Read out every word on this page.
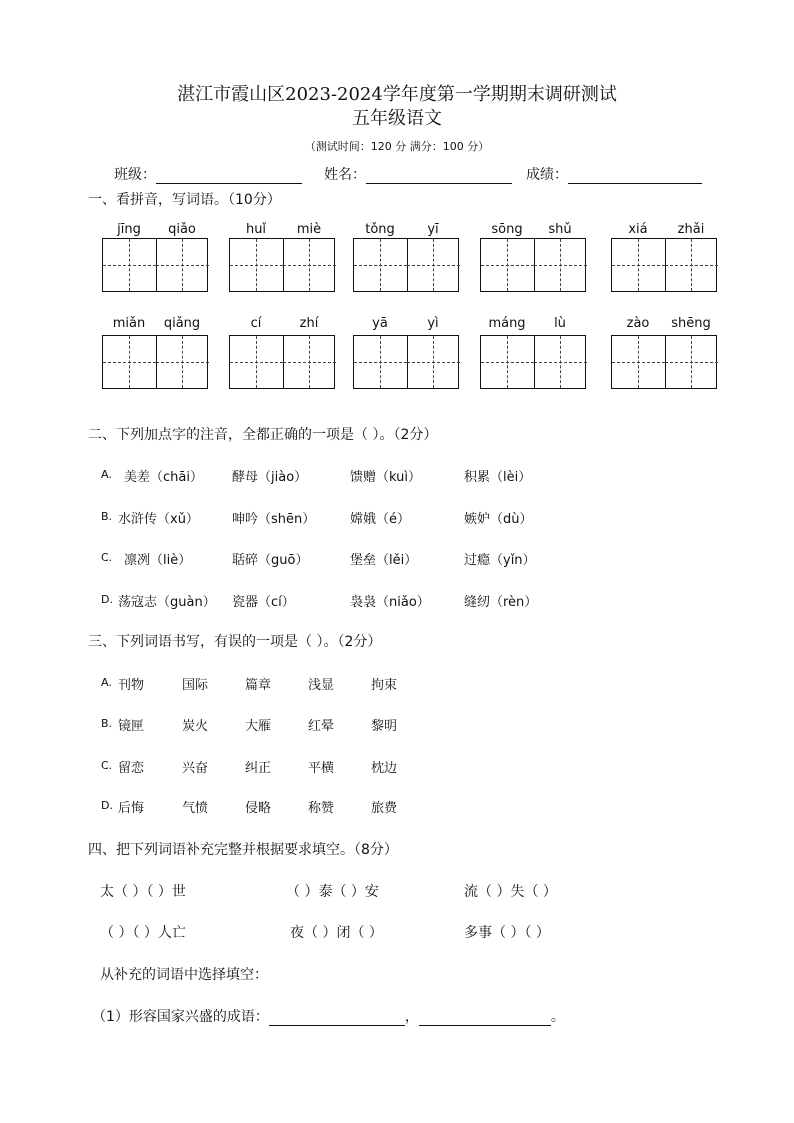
湛江市霞山区2023-2024学年度第一学期期末调研测试
五年级语文
（测试时间：120 分 满分：100 分）
班级：	姓名：	成绩：
一、看拼音，写词语。（10分）
jīng	qiǎo	huǐ	miè	tǒng	yī	sōng	shǔ	xiá	zhǎi
miǎn	qiǎng	cí	zhí	yā	yì	máng	lù	zào	shēng
二、下列加点字的注音，全都正确的一项是（ ）。（2分）
A. 美差（chāi） 酵母（jiào）	馈赠（kuì）	积累（lèi）
B. 水浒传（xǔ）	呻吟（shēn）	嫦娥（é）	嫉妒（dù）
C. 凛冽（liè）	聒碎（guō）	堡垒（lěi）	过瘾（yǐn）
D. 荡寇志（guàn） 瓷器（cí）	袅袅（niǎo）	缝纫（rèn）
三、下列词语书写，有误的一项是（ ）。（2分）
A. 刊物	国际	篇章	浅显	拘束
B. 镜匣	炭火	大雁	红晕	黎明
C. 留恋	兴奋	纠正	平横	枕边
D. 后悔	气愤	侵略	称赞	旅费
四、把下列词语补充完整并根据要求填空。（8分）
太（ ）（ ）世	（ ）泰（ ）安	流（ ）失（ ）
（ ）（ ）人亡	夜（ ）闭（ ）	多事（ ）（ ）
从补充的词语中选择填空：
（1）形容国家兴盛的成语：	，	。
